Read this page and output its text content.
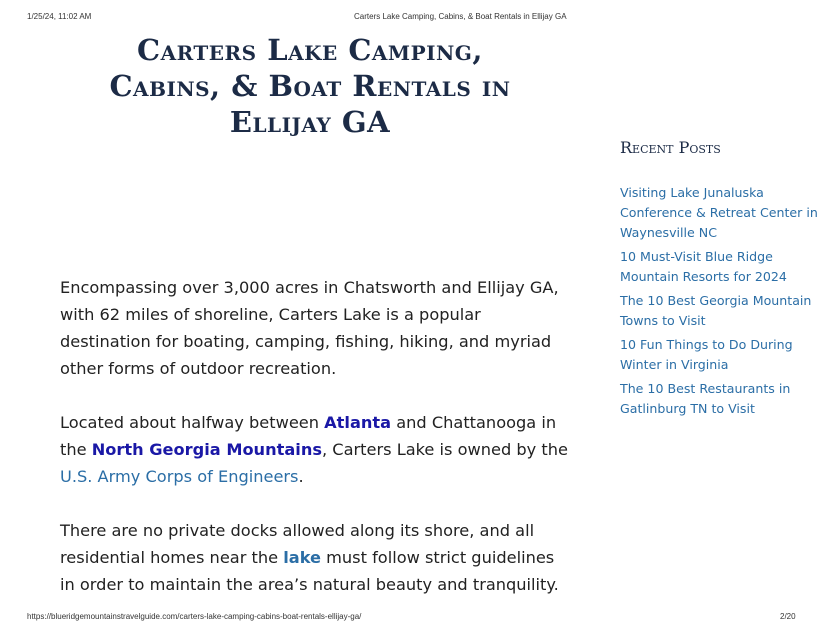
1/25/24, 11:02 AM	Carters Lake Camping, Cabins, & Boat Rentals in Ellijay GA
Carters Lake Camping,
Cabins, & Boat Rentals in
Ellijay GA

Encompassing over 3,000 acres in Chatsworth and Ellijay GA, with 62 miles of shoreline, Carters Lake is a popular destination for boating, camping, fishing, hiking, and myriad other forms of outdoor recreation.

Located about halfway between Atlanta and Chattanooga in the North Georgia Mountains, Carters Lake is owned by the U.S. Army Corps of Engineers.

There are no private docks allowed along its shore, and all residential homes near the lake must follow strict guidelines in order to maintain the area’s natural beauty and tranquility.

Recent Posts
Visiting Lake Junaluska Conference & Retreat Center in Waynesville NC
10 Must-Visit Blue Ridge Mountain Resorts for 2024
The 10 Best Georgia Mountain Towns to Visit
10 Fun Things to Do During Winter in Virginia
The 10 Best Restaurants in Gatlinburg TN to Visit
https://blueridgemountainstravelguide.com/carters-lake-camping-cabins-boat-rentals-ellijay-ga/	2/20
